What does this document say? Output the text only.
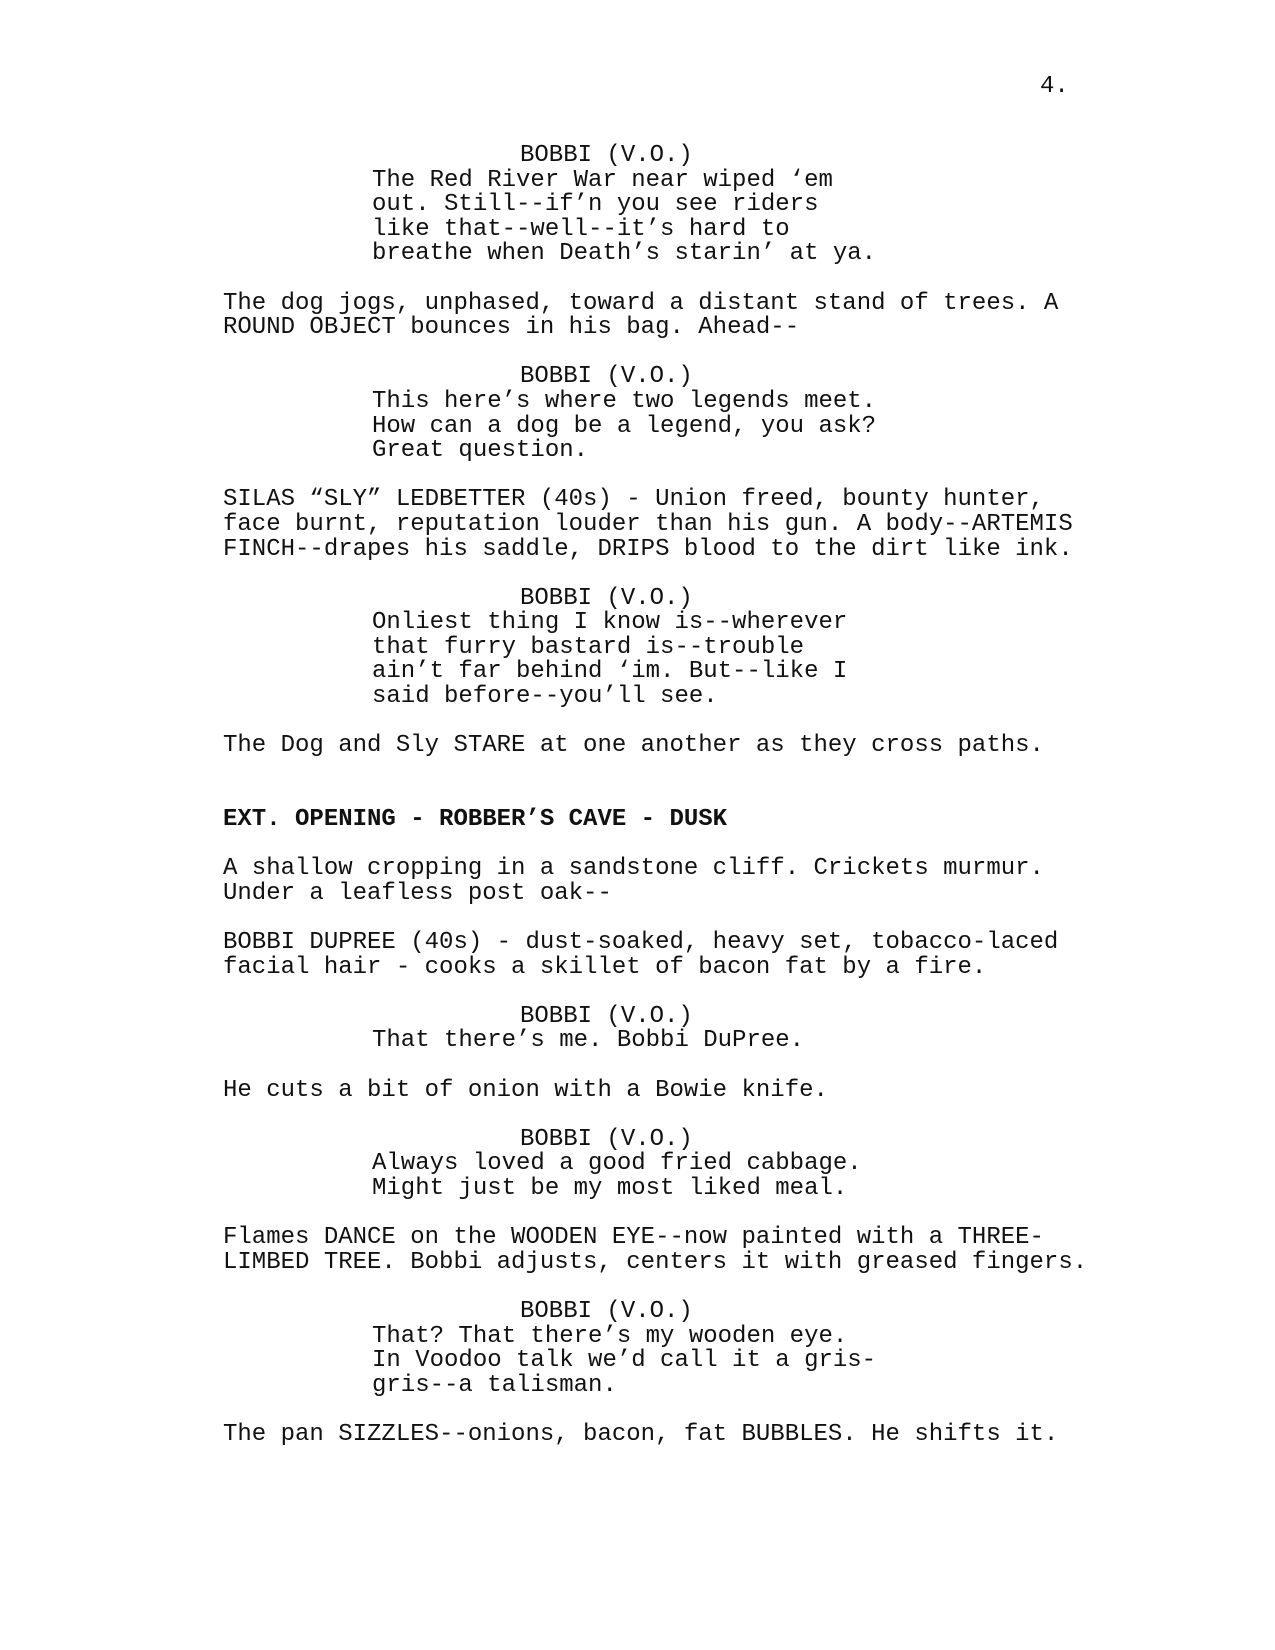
4.

BOBBI (V.O.)
The Red River War near wiped ‘em
out. Still--if’n you see riders
like that--well--it’s hard to
breathe when Death’s starin’ at ya.
The dog jogs, unphased, toward a distant stand of trees. A
ROUND OBJECT bounces in his bag. Ahead--
BOBBI (V.O.)
This here’s where two legends meet.
How can a dog be a legend, you ask?
Great question.
SILAS “SLY” LEDBETTER (40s) - Union freed, bounty hunter,
face burnt, reputation louder than his gun. A body--ARTEMIS
FINCH--drapes his saddle, DRIPS blood to the dirt like ink.
BOBBI (V.O.)
Onliest thing I know is--wherever
that furry bastard is--trouble
ain’t far behind ‘im. But--like I
said before--you’ll see.
The Dog and Sly STARE at one another as they cross paths.
EXT. OPENING - ROBBER’S CAVE - DUSK
A shallow cropping in a sandstone cliff. Crickets murmur.
Under a leafless post oak--
BOBBI DUPREE (40s) - dust-soaked, heavy set, tobacco-laced
facial hair - cooks a skillet of bacon fat by a fire.
BOBBI (V.O.)
That there’s me. Bobbi DuPree.
He cuts a bit of onion with a Bowie knife.
BOBBI (V.O.)
Always loved a good fried cabbage.
Might just be my most liked meal.
Flames DANCE on the WOODEN EYE--now painted with a THREE-
LIMBED TREE. Bobbi adjusts, centers it with greased fingers.
BOBBI (V.O.)
That? That there’s my wooden eye.
In Voodoo talk we’d call it a gris-
gris--a talisman.
The pan SIZZLES--onions, bacon, fat BUBBLES. He shifts it.
